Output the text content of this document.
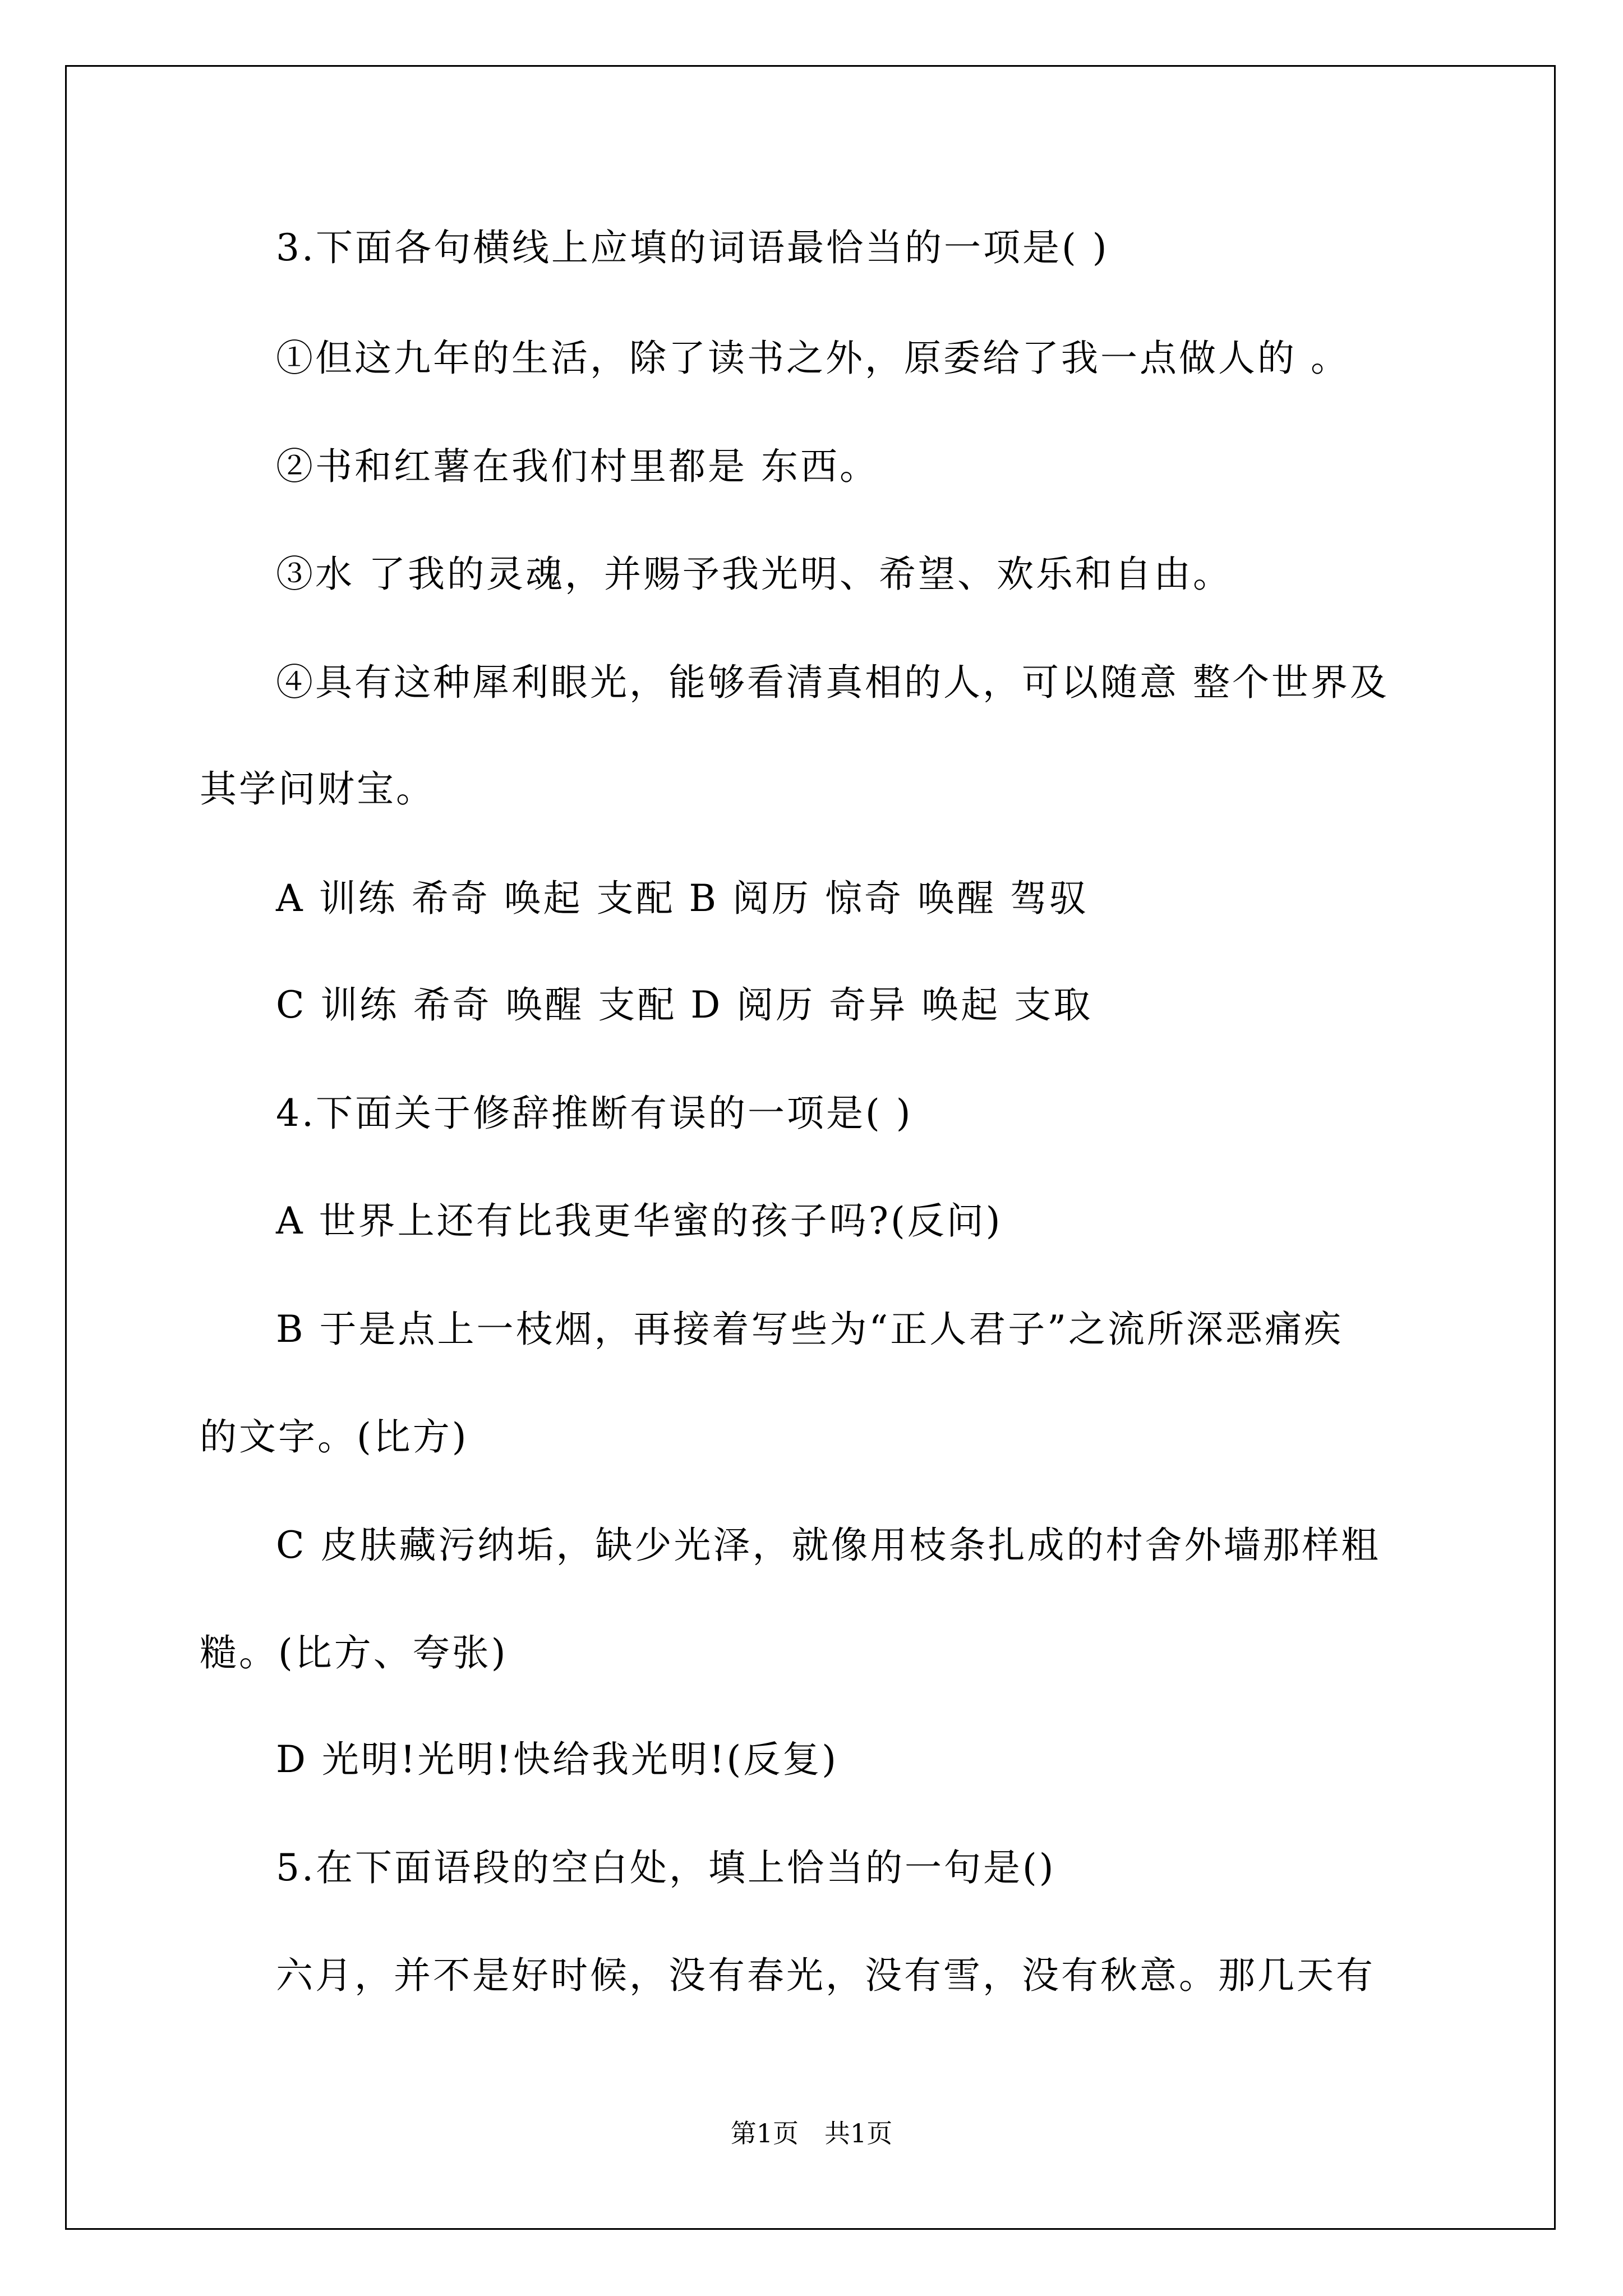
3.下面各句横线上应填的词语最恰当的一项是( )
①但这九年的生活，除了读书之外，原委给了我一点做人的 。
②书和红薯在我们村里都是 东西。
③水 了我的灵魂，并赐予我光明、希望、欢乐和自由。
④具有这种犀利眼光，能够看清真相的人，可以随意 整个世界及
其学问财宝。
A 训练 希奇 唤起 支配 B 阅历 惊奇 唤醒 驾驭
C 训练 希奇 唤醒 支配 D 阅历 奇异 唤起 支取
4.下面关于修辞推断有误的一项是( )
A 世界上还有比我更华蜜的孩子吗?(反问)
B 于是点上一枝烟，再接着写些为“正人君子”之流所深恶痛疾
的文字。(比方)
C 皮肤藏污纳垢，缺少光泽，就像用枝条扎成的村舍外墙那样粗
糙。(比方、夸张)
D 光明!光明!快给我光明!(反复)
5.在下面语段的空白处，填上恰当的一句是()
六月，并不是好时候，没有春光，没有雪，没有秋意。那几天有
第1页　共1页
